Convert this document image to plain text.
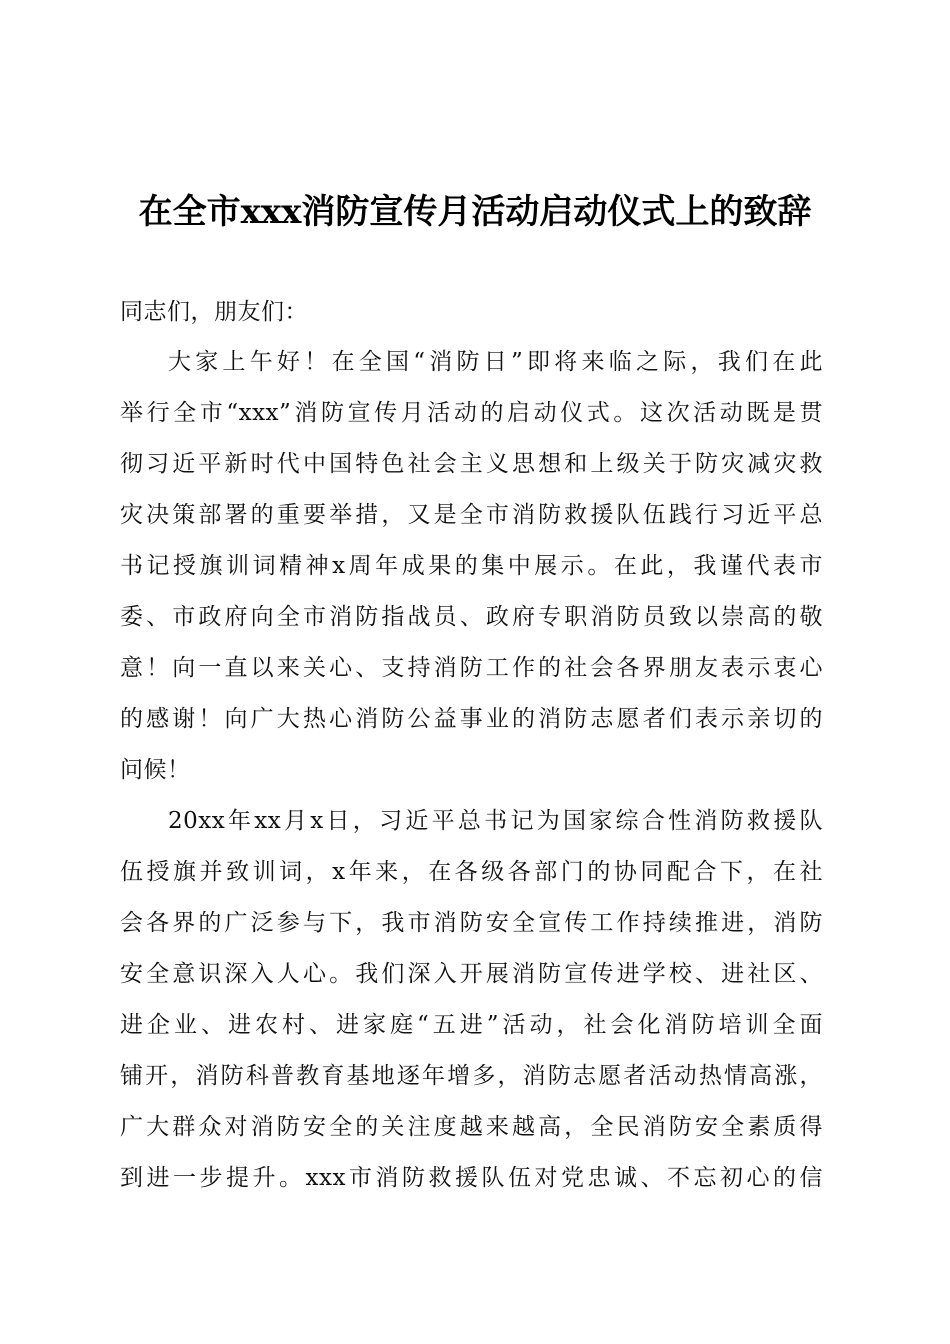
在全市xxx消防宣传月活动启动仪式上的致辞
同志们，朋友们：
大家上午好！在全国“消防日”即将来临之际，我们在此
举行全市“xxx”消防宣传月活动的启动仪式。这次活动既是贯
彻习近平新时代中国特色社会主义思想和上级关于防灾减灾救
灾决策部署的重要举措，又是全市消防救援队伍践行习近平总
书记授旗训词精神x周年成果的集中展示。在此，我谨代表市
委、市政府向全市消防指战员、政府专职消防员致以崇高的敬
意！向一直以来关心、支持消防工作的社会各界朋友表示衷心
的感谢！向广大热心消防公益事业的消防志愿者们表示亲切的
问候！
20xx年xx月x日，习近平总书记为国家综合性消防救援队
伍授旗并致训词，x年来，在各级各部门的协同配合下，在社
会各界的广泛参与下，我市消防安全宣传工作持续推进，消防
安全意识深入人心。我们深入开展消防宣传进学校、进社区、
进企业、进农村、进家庭“五进”活动，社会化消防培训全面
铺开，消防科普教育基地逐年增多，消防志愿者活动热情高涨，
广大群众对消防安全的关注度越来越高，全民消防安全素质得
到进一步提升。xxx市消防救援队伍对党忠诚、不忘初心的信
